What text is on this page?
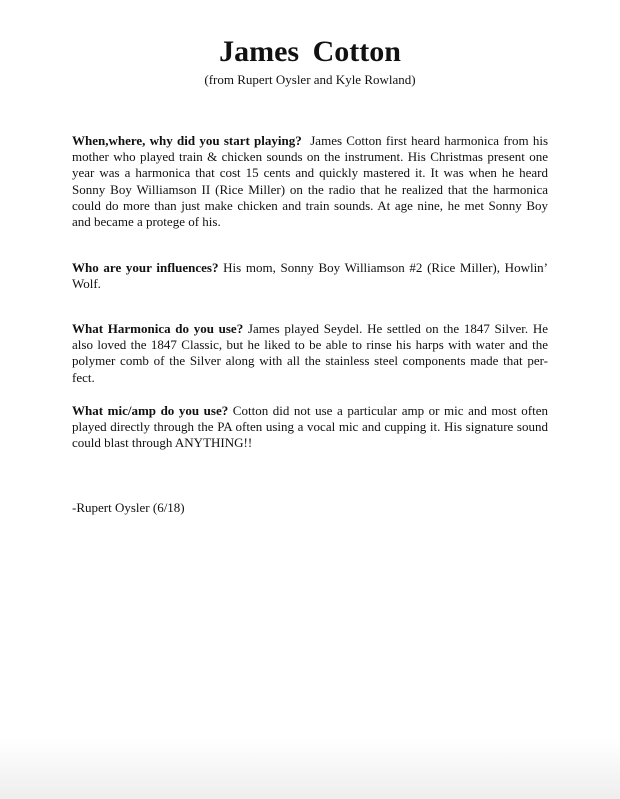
James Cotton

(from Rupert Oysler and Kyle Rowland)

When,where, why did you start playing? James Cotton first heard harmonica from his mother who played train & chicken sounds on the instrument. His Christmas present one year was a harmonica that cost 15 cents and quickly mastered it. It was when he heard Sonny Boy Williamson II (Rice Miller) on the radio that he realized that the harmonica could do more than just make chicken and train sounds. At age nine, he met Sonny Boy and became a protege of his.

Who are your influences? His mom, Sonny Boy Williamson #2 (Rice Miller), Howlin’ Wolf.

What Harmonica do you use? James played Seydel. He settled on the 1847 Silver. He also loved the 1847 Classic, but he liked to be able to rinse his harps with water and the polymer comb of the Silver along with all the stainless steel components made that per-fect.

What mic/amp do you use? Cotton did not use a particular amp or mic and most often played directly through the PA often using a vocal mic and cupping it. His signature sound could blast through ANYTHING!!

-Rupert Oysler (6/18)
